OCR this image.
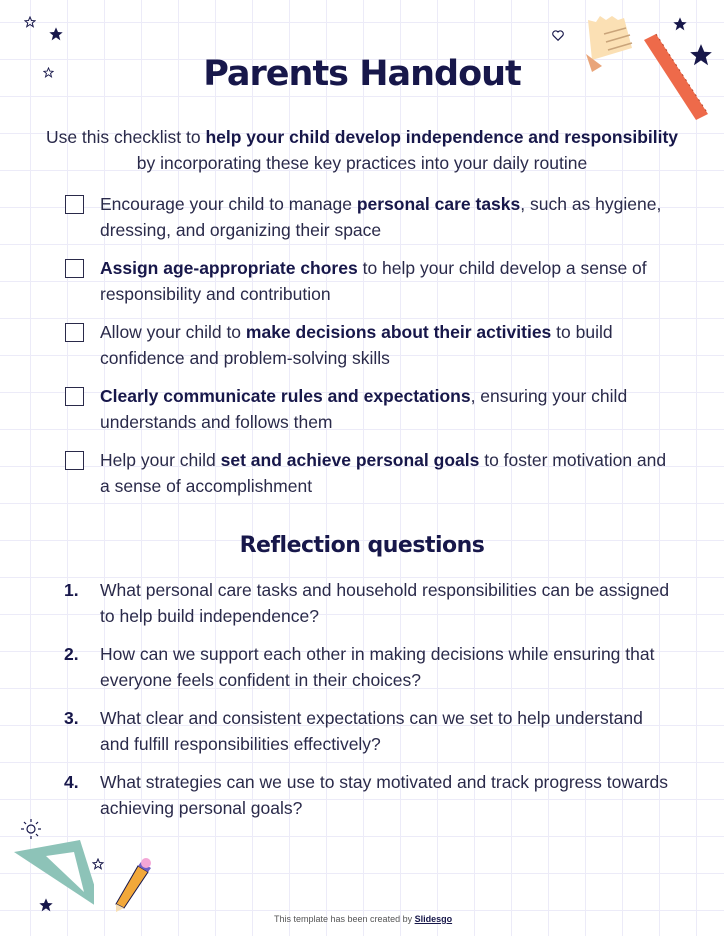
Parents Handout

Use this checklist to help your child develop independence and responsibility by incorporating these key practices into your daily routine

Encourage your child to manage personal care tasks, such as hygiene, dressing, and organizing their space
Assign age-appropriate chores to help your child develop a sense of responsibility and contribution
Allow your child to make decisions about their activities to build confidence and problem-solving skills
Clearly communicate rules and expectations, ensuring your child understands and follows them
Help your child set and achieve personal goals to foster motivation and a sense of accomplishment
Reflection questions
1. What personal care tasks and household responsibilities can be assigned to help build independence?
2. How can we support each other in making decisions while ensuring that everyone feels confident in their choices?
3. What clear and consistent expectations can we set to help understand and fulfill responsibilities effectively?
4. What strategies can we use to stay motivated and track progress towards achieving personal goals?

This template has been created by Slidesgo
